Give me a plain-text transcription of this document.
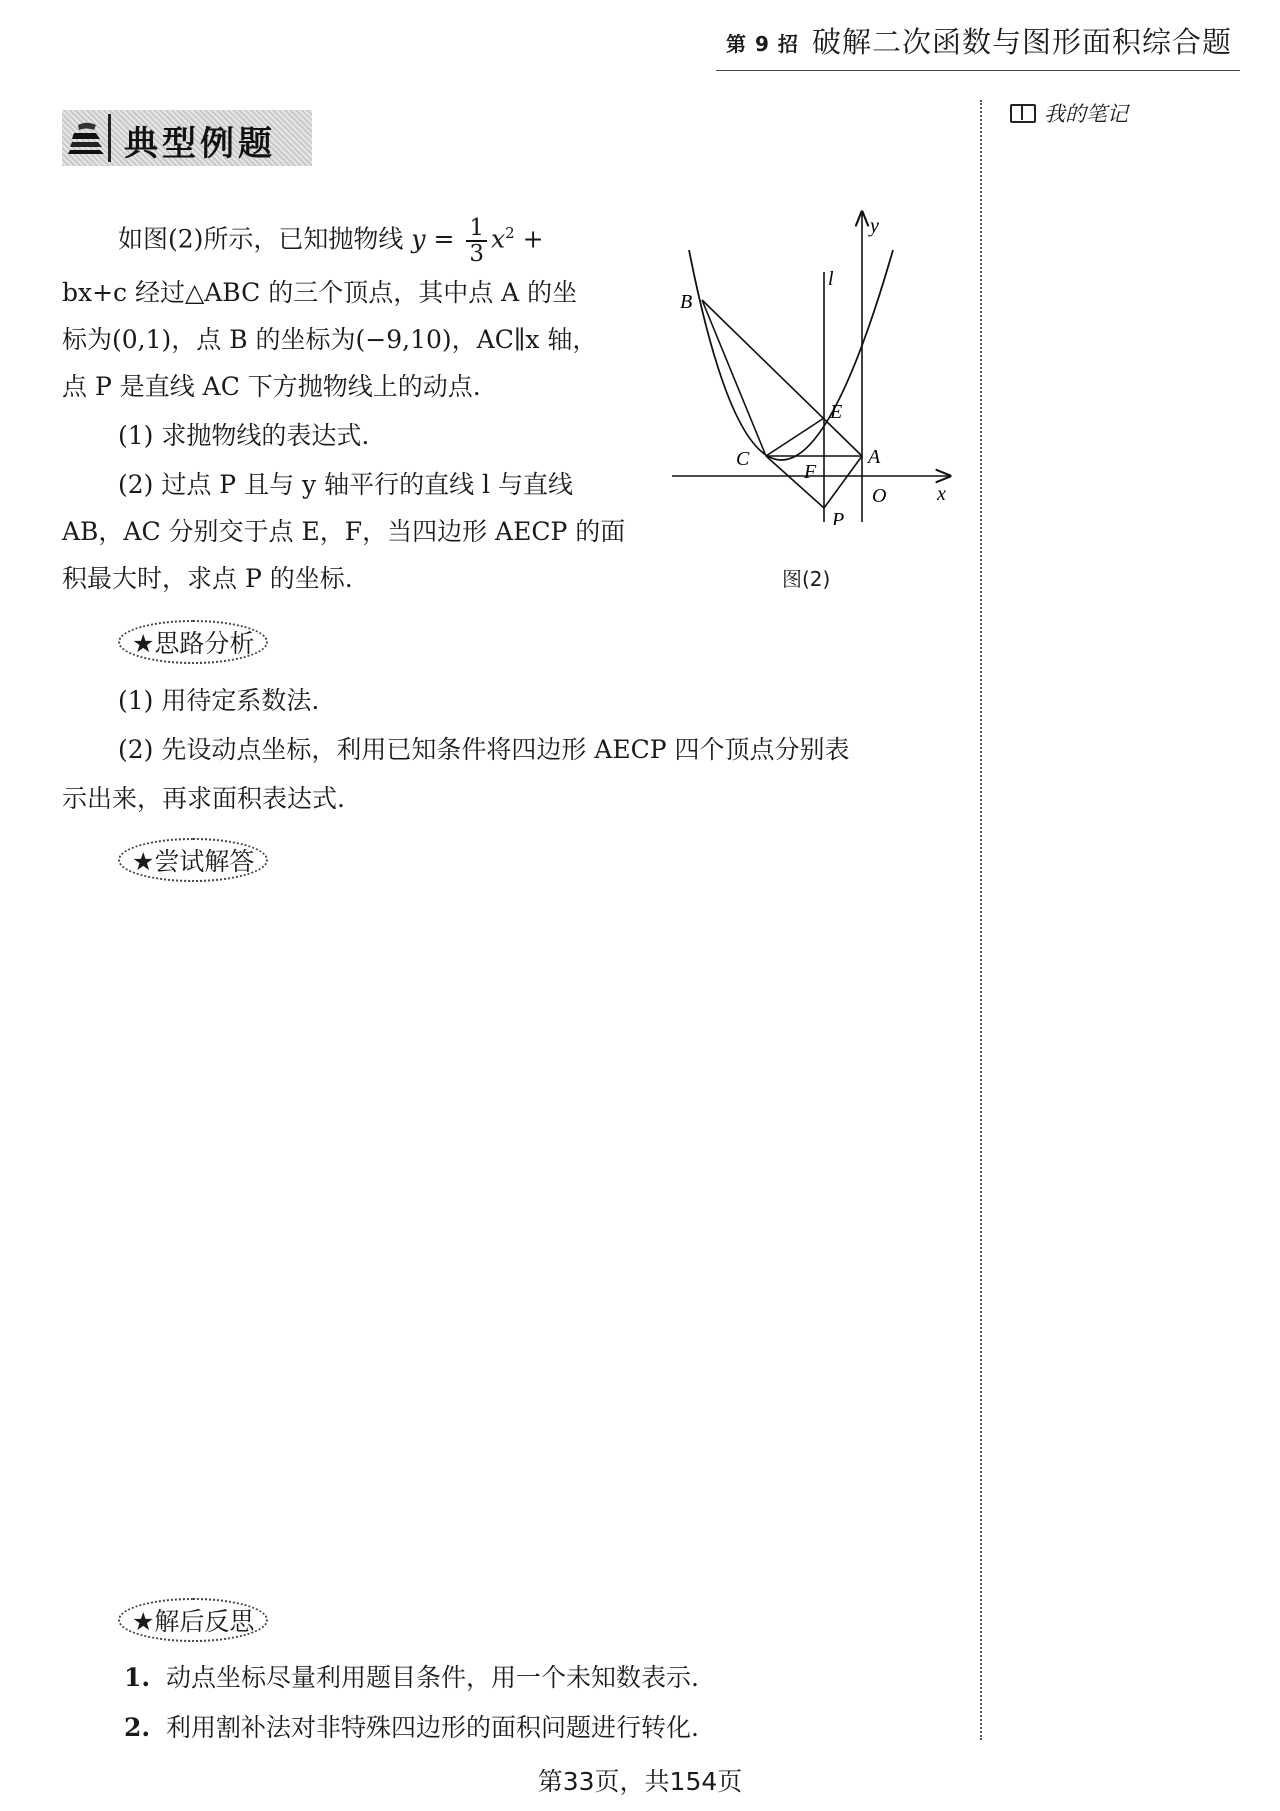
第 9 招 破解二次函数与图形面积综合题
我的笔记
典型例题
如图(2)所示，已知抛物线 $y = \frac{1}{3} x^2$ +
bx+c 经过△ABC 的三个顶点，其中点 A 的坐
标为(0,1)，点 B 的坐标为(−9,10)，AC∥x 轴，
点 P 是直线 AC 下方抛物线上的动点.
(1) 求抛物线的表达式.
(2) 过点 P 且与 y 轴平行的直线 l 与直线
AB，AC 分别交于点 E，F，当四边形 AECP 的面
积最大时，求点 P 的坐标.
B
l
y
E
C
F
A
O	x
P
图(2)
★思路分析
(1) 用待定系数法.
(2) 先设动点坐标，利用已知条件将四边形 AECP 四个顶点分别表
示出来，再求面积表达式.
★尝试解答
★解后反思
1. 动点坐标尽量利用题目条件，用一个未知数表示.
2. 利用割补法对非特殊四边形的面积问题进行转化.
第33页，共154页
